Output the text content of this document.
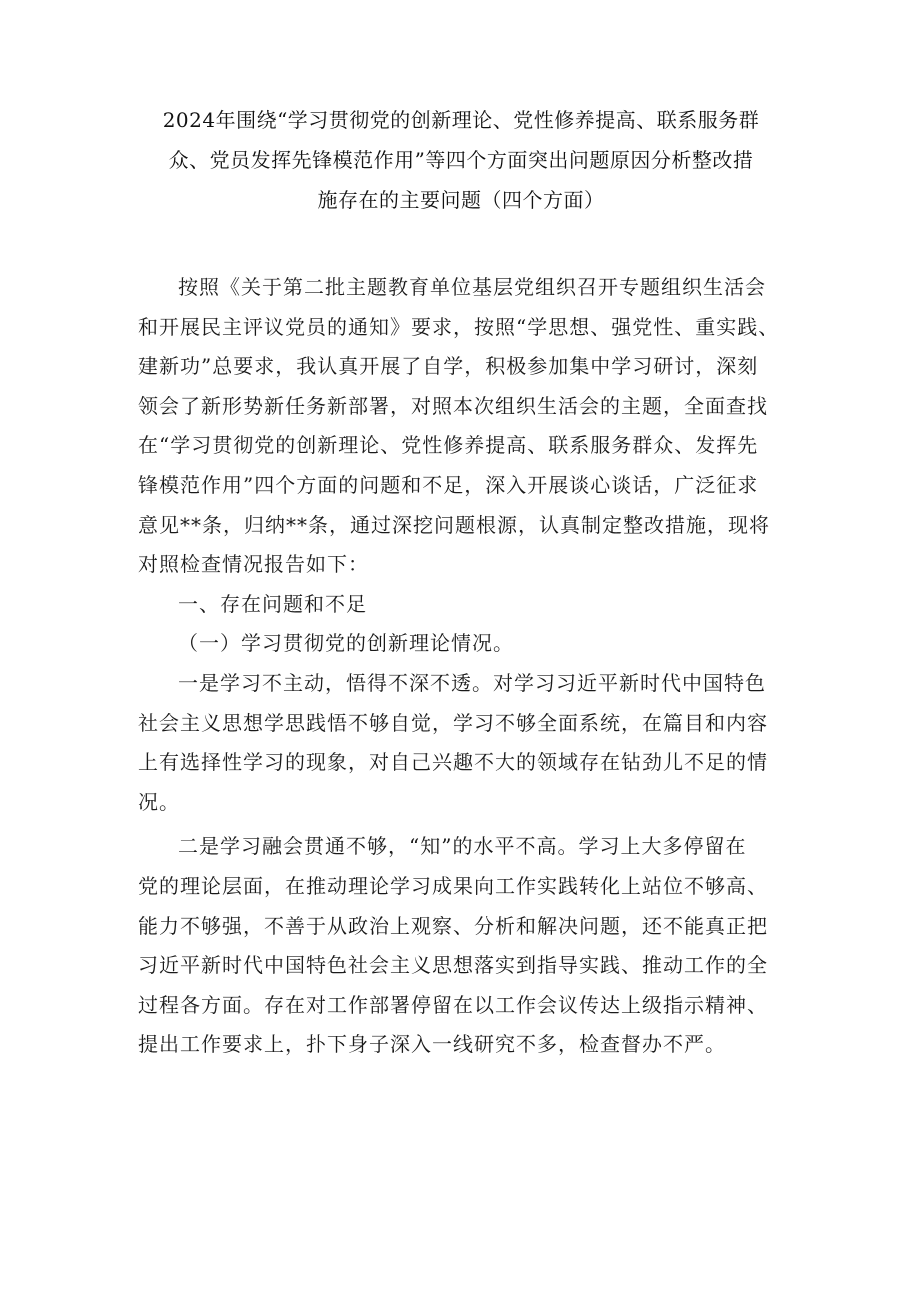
2024年围绕“学习贯彻党的创新理论、党性修养提高、联系服务群
众、党员发挥先锋模范作用”等四个方面突出问题原因分析整改措
施存在的主要问题（四个方面）
按照《关于第二批主题教育单位基层党组织召开专题组织生活会
和开展民主评议党员的通知》要求，按照“学思想、强党性、重实践、
建新功”总要求，我认真开展了自学，积极参加集中学习研讨，深刻
领会了新形势新任务新部署，对照本次组织生活会的主题，全面查找
在“学习贯彻党的创新理论、党性修养提高、联系服务群众、发挥先
锋模范作用”四个方面的问题和不足，深入开展谈心谈话，广泛征求
意见**条，归纳**条，通过深挖问题根源，认真制定整改措施，现将
对照检查情况报告如下：
一、存在问题和不足
（一）学习贯彻党的创新理论情况。
一是学习不主动，悟得不深不透。对学习习近平新时代中国特色
社会主义思想学思践悟不够自觉，学习不够全面系统，在篇目和内容
上有选择性学习的现象，对自己兴趣不大的领域存在钻劲儿不足的情
况。
二是学习融会贯通不够，“知”的水平不高。学习上大多停留在
党的理论层面，在推动理论学习成果向工作实践转化上站位不够高、
能力不够强，不善于从政治上观察、分析和解决问题，还不能真正把
习近平新时代中国特色社会主义思想落实到指导实践、推动工作的全
过程各方面。存在对工作部署停留在以工作会议传达上级指示精神、
提出工作要求上，扑下身子深入一线研究不多，检查督办不严。
